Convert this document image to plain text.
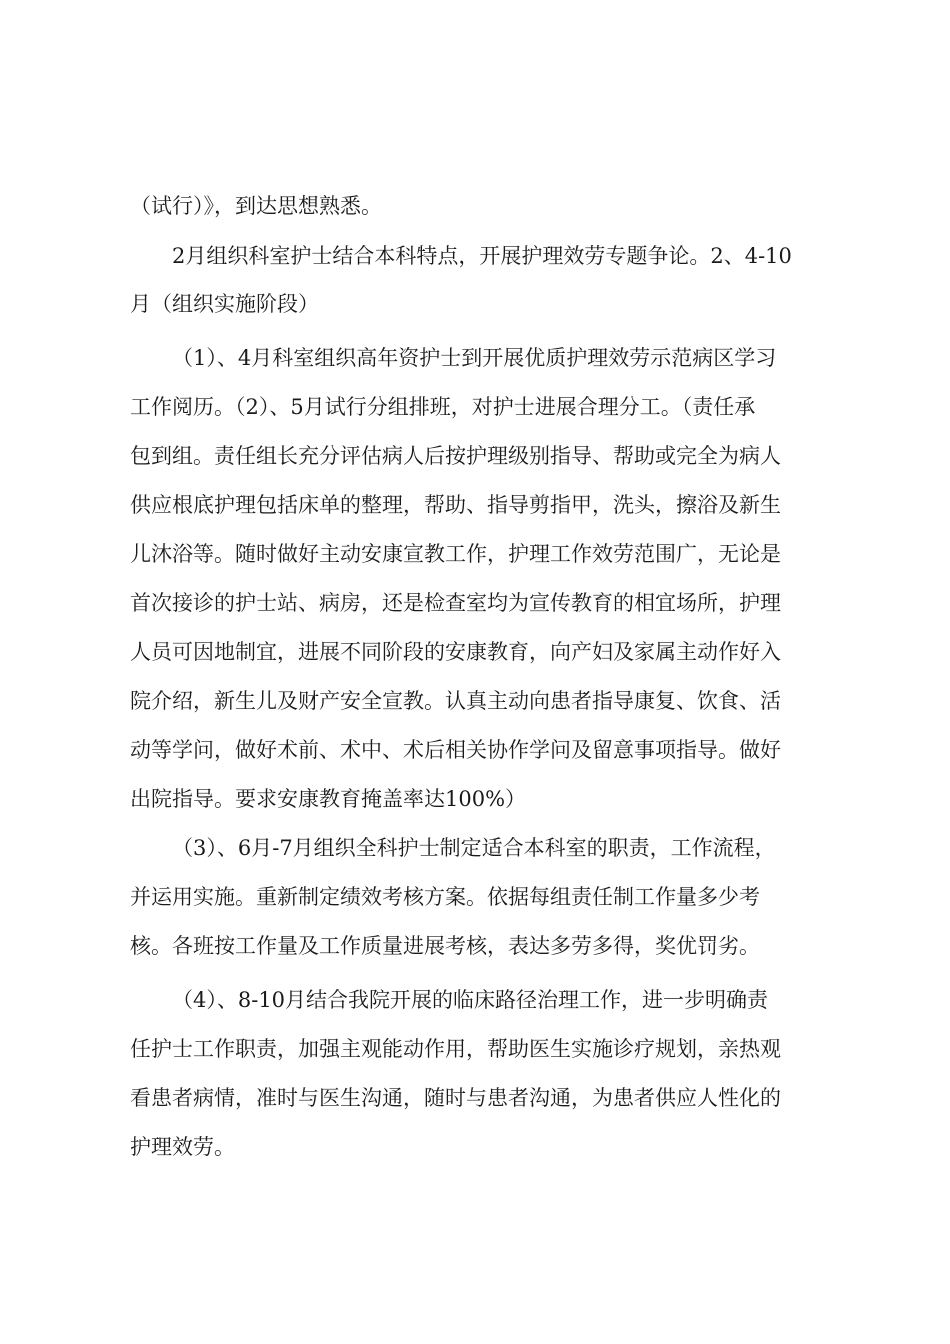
（试行）》，到达思想熟悉。

2月组织科室护士结合本科特点，开展护理效劳专题争论。2、4-10

月（组织实施阶段）

（1）、4月科室组织高年资护士到开展优质护理效劳示范病区学习

工作阅历。（2）、5月试行分组排班，对护士进展合理分工。（责任承

包到组。责任组长充分评估病人后按护理级别指导、帮助或完全为病人

供应根底护理包括床单的整理，帮助、指导剪指甲，洗头，擦浴及新生

儿沐浴等。随时做好主动安康宣教工作，护理工作效劳范围广，无论是

首次接诊的护士站、病房，还是检查室均为宣传教育的相宜场所，护理

人员可因地制宜，进展不同阶段的安康教育，向产妇及家属主动作好入

院介绍，新生儿及财产安全宣教。认真主动向患者指导康复、饮食、活

动等学问，做好术前、术中、术后相关协作学问及留意事项指导。做好

出院指导。要求安康教育掩盖率达100%）

（3）、6月-7月组织全科护士制定适合本科室的职责，工作流程，

并运用实施。重新制定绩效考核方案。依据每组责任制工作量多少考

核。各班按工作量及工作质量进展考核，表达多劳多得，奖优罚劣。

（4）、8-10月结合我院开展的临床路径治理工作，进一步明确责

任护士工作职责，加强主观能动作用，帮助医生实施诊疗规划，亲热观

看患者病情，准时与医生沟通，随时与患者沟通，为患者供应人性化的

护理效劳。
